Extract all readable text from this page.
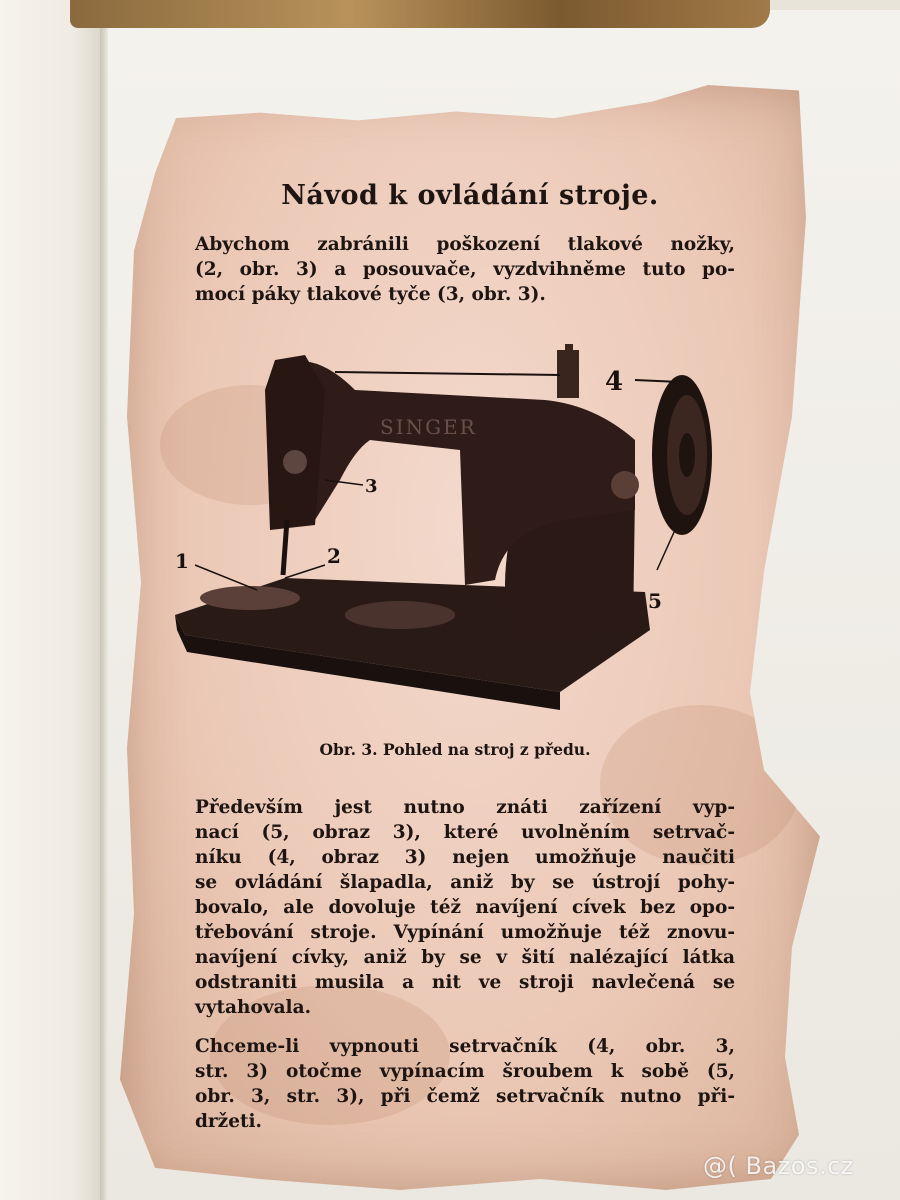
Návod k ovládání stroje.
Abychom zabránili poškození tlakové nožky,
(2, obr. 3) a posouvače, vyzdvihněme tuto po-
mocí páky tlakové tyče (3, obr. 3).
SINGER
1	2
3
4
5
Obr. 3. Pohled na stroj z předu.
Především jest nutno znáti zařízení vyp-
nací (5, obraz 3), které uvolněním setrvač-
níku (4, obraz 3) nejen umožňuje naučiti
se ovládání šlapadla, aniž by se ústrojí pohy-
bovalo, ale dovoluje též navíjení cívek bez opo-
třebování stroje. Vypínání umožňuje též znovu-
navíjení cívky, aniž by se v šití nalézající látka
odstraniti musila a nit ve stroji navlečená se
vytahovala.
Chceme-li vypnouti setrvačník (4, obr. 3,
str. 3) otočme vypínacím šroubem k sobě (5,
obr. 3, str. 3), při čemž setrvačník nutno při-
držeti.
@( Bazos.cz
